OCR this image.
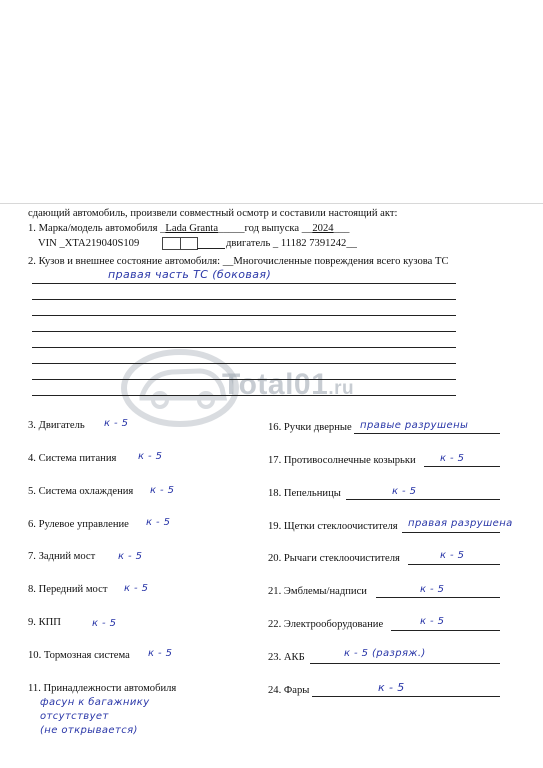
Total01.ru
сдающий автомобиль, произвели совместный осмотр и составили настоящий акт:
1. Марка/модель автомобиля _Lada Granta_____год выпуска __2024___
VIN _XTA219040S109	двигатель _ 11182 7391242__
2. Кузов и внешнее состояние автомобиля: __Многочисленные повреждения всего кузова ТС
правая часть ТС (боковая)
3. Двигатель к - 5
4. Система питания к - 5
5. Система охлаждения к - 5
6. Рулевое управление к - 5
7. Задний мост к - 5
8. Передний мост к - 5
9. КПП	к - 5
10. Тормозная система к - 5
11. Принадлежности автомобиля
фасун к багажнику
отсутствует
(не открывается)
16. Ручки дверные правые разрушены
17. Противосолнечные козырьки к - 5
18. Пепельницы	к - 5
19. Щетки стеклоочистителя правая разрушена
20. Рычаги стеклоочистителя	к - 5
21. Эмблемы/надписи	к - 5
22. Электрооборудование	к - 5
23. АКБ	к - 5 (разряж.)
24. Фары	к - 5
